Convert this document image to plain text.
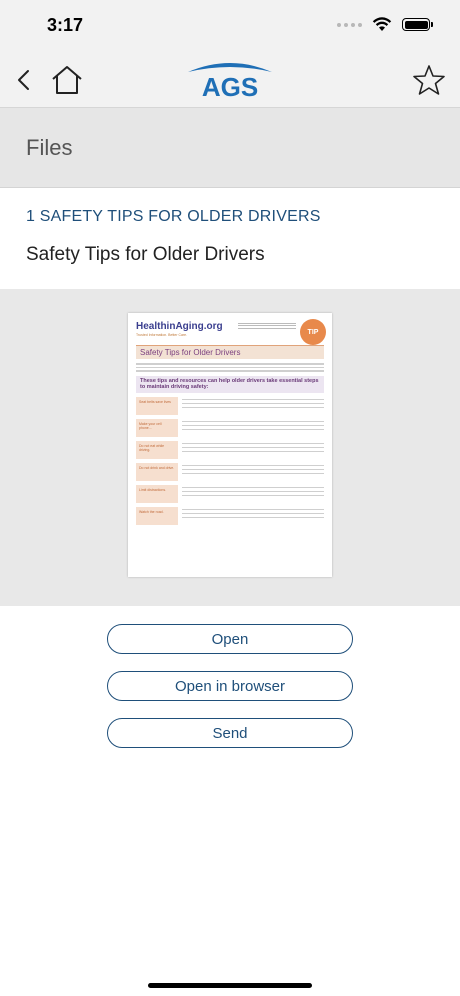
3:17
AGS
Files
1 SAFETY TIPS FOR OLDER DRIVERS
Safety Tips for Older Drivers
HealthinAging.org
Trusted Information. Better Care.	TIP
Safety Tips for Older Drivers
These tips and resources can help older drivers take essential steps to maintain driving safety:
Seat belts save lives
Make your cell phone...
Do not eat while driving.
Do not drink and drive.
Limit distractions.
Watch the road.
Open
Open in browser
Send
